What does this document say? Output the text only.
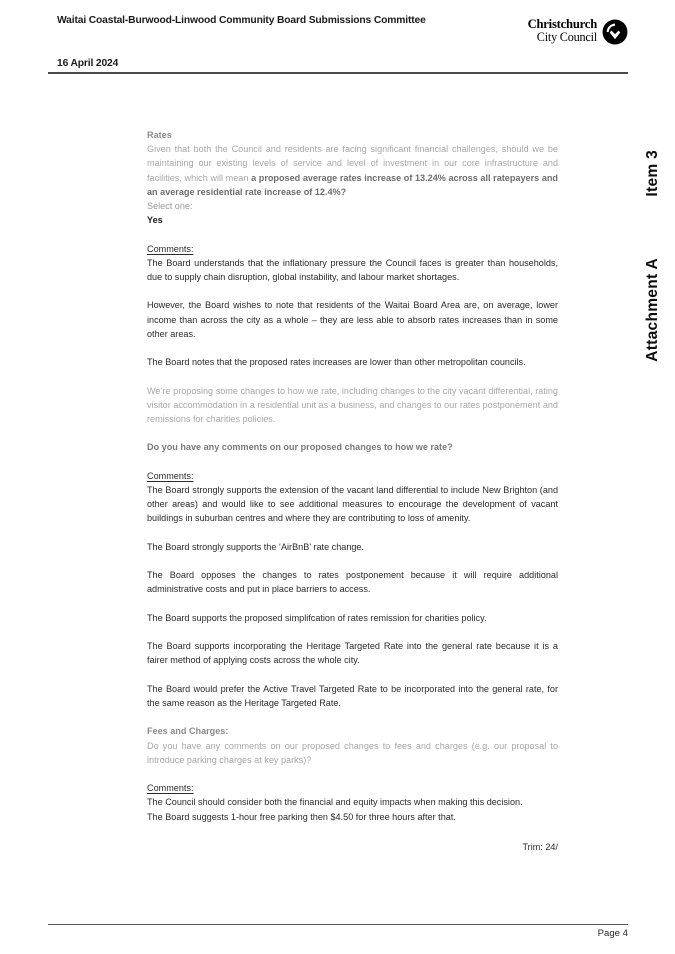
Waitai Coastal-Burwood-Linwood Community Board Submissions Committee
16 April 2024
Christchurch
City Council
Item 3
Attachment A
Rates
Given that both the Council and residents are facing significant financial challenges, should we be maintaining our existing levels of service and level of investment in our core infrastructure and facilities, which will mean a proposed average rates increase of 13.24% across all ratepayers and an average residential rate increase of 12.4%?
Select one:
Yes
Comments:
The Board understands that the inflationary pressure the Council faces is greater than households, due to supply chain disruption, global instability, and labour market shortages.
However, the Board wishes to note that residents of the Waitai Board Area are, on average, lower income than across the city as a whole – they are less able to absorb rates increases than in some other areas.
The Board notes that the proposed rates increases are lower than other metropolitan councils.
We’re proposing some changes to how we rate, including changes to the city vacant differential, rating visitor accommodation in a residential unit as a business, and changes to our rates postponement and remissions for charities policies.
Do you have any comments on our proposed changes to how we rate?
Comments:
The Board strongly supports the extension of the vacant land differential to include New Brighton (and other areas) and would like to see additional measures to encourage the development of vacant buildings in suburban centres and where they are contributing to loss of amenity.
The Board strongly supports the ‘AirBnB’ rate change.
The Board opposes the changes to rates postponement because it will require additional administrative costs and put in place barriers to access.
The Board supports the proposed simplifcation of rates remission for charities policy.
The Board supports incorporating the Heritage Targeted Rate into the general rate because it is a fairer method of applying costs across the whole city.
The Board would prefer the Active Travel Targeted Rate to be incorporated into the general rate, for the same reason as the Heritage Targeted Rate.
Fees and Charges:
Do you have any comments on our proposed changes to fees and charges (e.g. our proposal to introduce parking charges at key parks)?
Comments:
The Council should consider both the financial and equity impacts when making this decision.
The Board suggests 1-hour free parking then $4.50 for three hours after that.
Trim: 24/
Page 4
